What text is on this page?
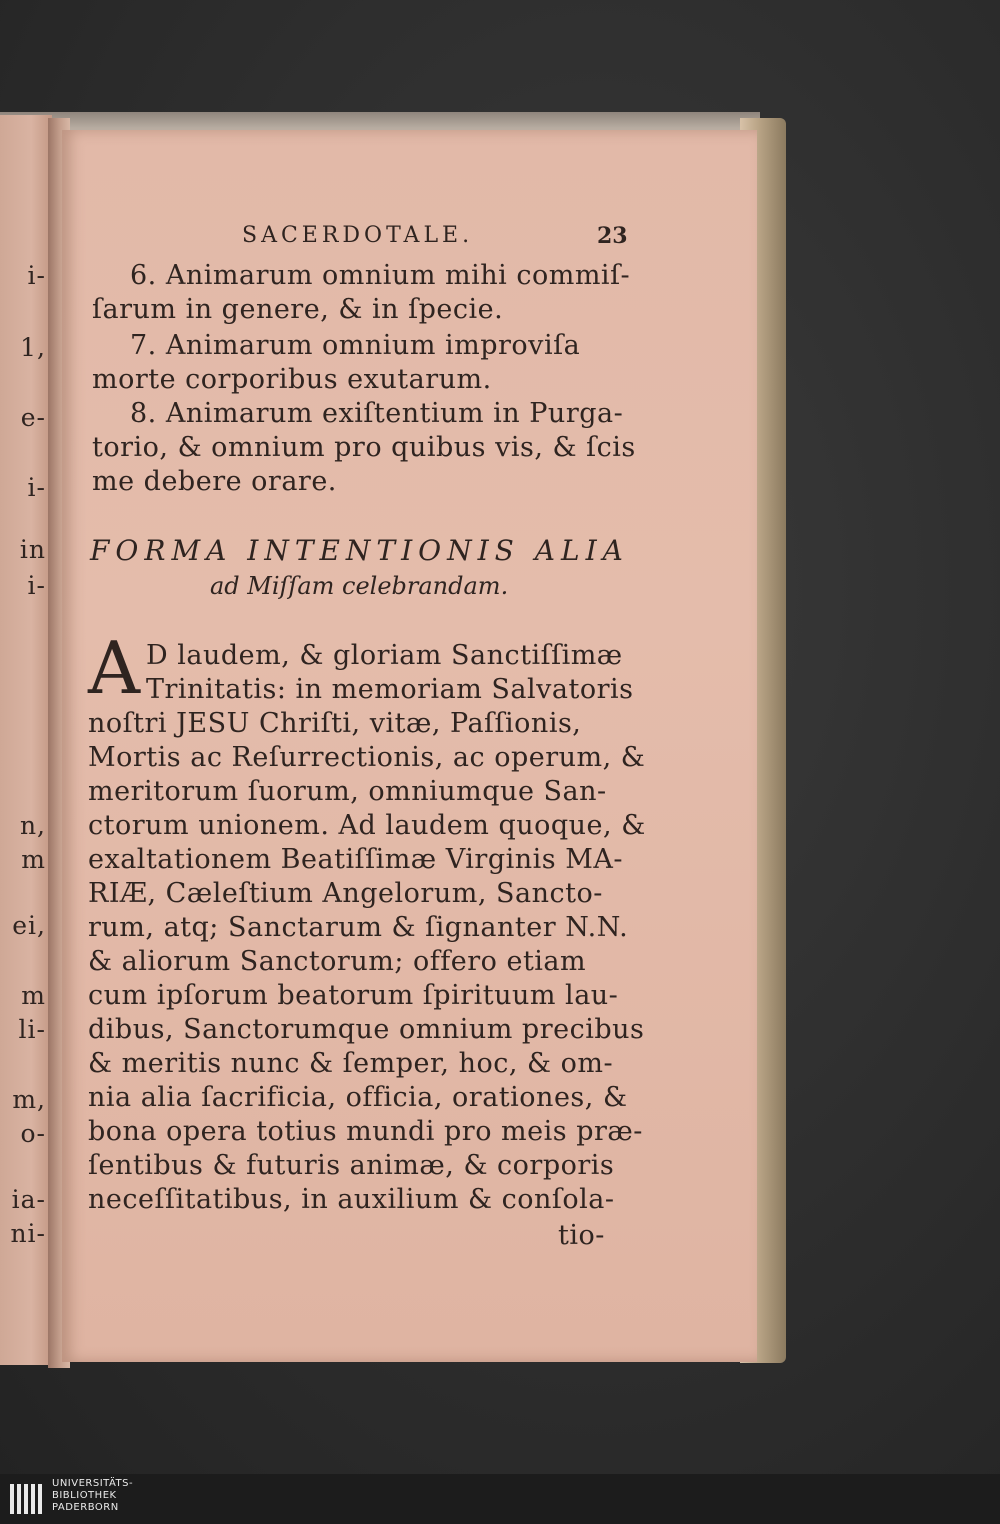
i-
1,
e-
i-
in
i-
n,
m
ei,
m
li-
m,
o-
ia-
ni-
SACERDOTALE.	23
6. Animarum omnium mihi commiſ-
ſarum in genere, & in ſpecie.
7. Animarum omnium improviſa
morte corporibus exutarum.
8. Animarum exiſtentium in Purga-
torio, & omnium pro quibus vis, & ſcis
me debere orare.
FORMA INTENTIONIS ALIA
ad Miſſam celebrandam.
A D laudem, & gloriam Sanctiſſimæ
Trinitatis: in memoriam Salvatoris
noſtri JESU Chriſti, vitæ, Paſſionis,
Mortis ac Reſurrectionis, ac operum, &
meritorum ſuorum, omniumque San-
ctorum unionem. Ad laudem quoque, &
exaltationem Beatiſſimæ Virginis MA-
RIÆ, Cæleſtium Angelorum, Sancto-
rum, atq; Sanctarum & ſignanter N.N.
& aliorum Sanctorum; offero etiam
cum ipſorum beatorum ſpirituum lau-
dibus, Sanctorumque omnium precibus
& meritis nunc & ſemper, hoc, & om-
nia alia ſacrificia, officia, orationes, &
bona opera totius mundi pro meis præ-
ſentibus & futuris animæ, & corporis
neceſſitatibus, in auxilium & conſola-
tio-
UNIVERSITÄTS-
BIBLIOTHEK
PADERBORN
